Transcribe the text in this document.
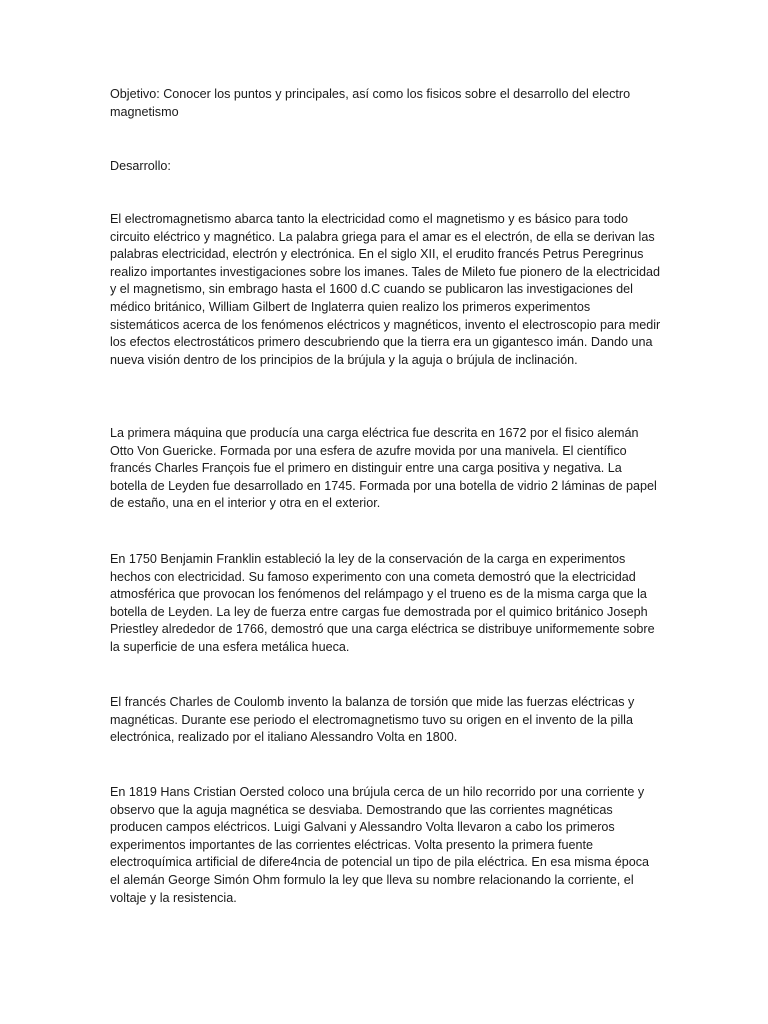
Objetivo: Conocer los puntos y principales, así como los fisicos sobre el desarrollo del electro magnetismo

Desarrollo:

El electromagnetismo abarca tanto la electricidad como el magnetismo y es básico para todo circuito eléctrico y magnético. La palabra griega para el amar es el electrón, de ella se derivan las palabras electricidad, electrón y electrónica. En el siglo XII, el erudito francés Petrus Peregrinus realizo importantes investigaciones sobre los imanes. Tales de Mileto fue pionero de la electricidad y el magnetismo, sin embrago hasta el 1600 d.C cuando se publicaron las investigaciones del médico británico, William Gilbert de Inglaterra quien realizo los primeros experimentos sistemáticos acerca de los fenómenos eléctricos y magnéticos, invento el electroscopio para medir los efectos electrostáticos primero descubriendo que la tierra era un gigantesco imán. Dando una nueva visión dentro de los principios de la brújula y la aguja o brújula de inclinación.

La primera máquina que producía una carga eléctrica fue descrita en 1672 por el fisico alemán Otto Von Guericke. Formada por una esfera de azufre movida por una manivela. El científico francés Charles François fue el primero en distinguir entre una carga positiva y negativa. La botella de Leyden fue desarrollado en 1745. Formada por una botella de vidrio 2 láminas de papel de estaño, una en el interior y otra en el exterior.

En 1750 Benjamin Franklin estableció la ley de la conservación de la carga en experimentos hechos con electricidad. Su famoso experimento con una cometa demostró que la electricidad atmosférica que provocan los fenómenos del relámpago y el trueno es de la misma carga que la botella de Leyden. La ley de fuerza entre cargas fue demostrada por el quimico británico Joseph Priestley alrededor de 1766, demostró que una carga eléctrica se distribuye uniformemente sobre la superficie de una esfera metálica hueca.

El francés Charles de Coulomb invento la balanza de torsión que mide las fuerzas eléctricas y magnéticas. Durante ese periodo el electromagnetismo tuvo su origen en el invento de la pilla electrónica, realizado por el italiano Alessandro Volta en 1800.

En 1819 Hans Cristian Oersted coloco una brújula cerca de un hilo recorrido por una corriente y observo que la aguja magnética se desviaba. Demostrando que las corrientes magnéticas producen campos eléctricos. Luigi Galvani y Alessandro Volta llevaron a cabo los primeros experimentos importantes de las corrientes eléctricas. Volta presento la primera fuente electroquímica artificial de difere4ncia de potencial un tipo de pila eléctrica. En esa misma época el alemán George Simón Ohm formulo la ley que lleva su nombre relacionando la corriente, el voltaje y la resistencia.
